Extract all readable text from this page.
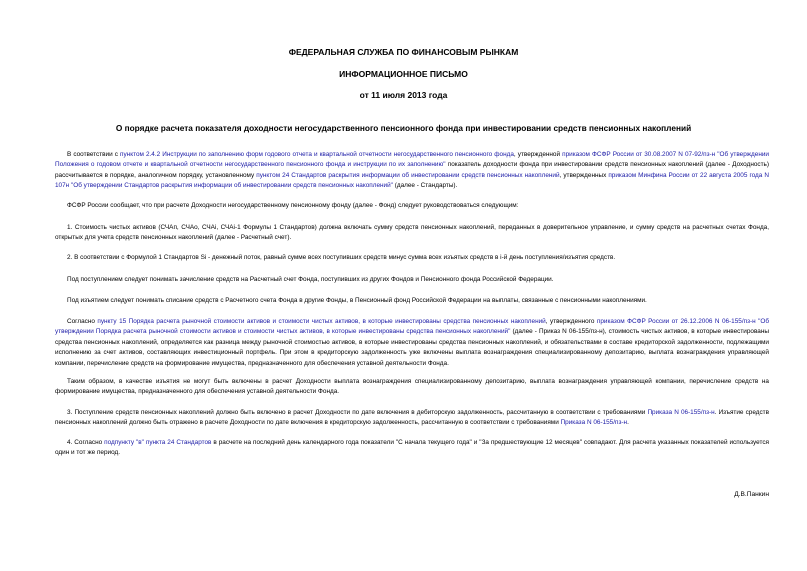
ФЕДЕРАЛЬНАЯ СЛУЖБА ПО ФИНАНСОВЫМ РЫНКАМ
ИНФОРМАЦИОННОЕ ПИСЬМО
от 11 июля 2013 года
О порядке расчета показателя доходности негосударственного пенсионного фонда при инвестировании средств пенсионных накоплений
В соответствии с пунктом 2.4.2 Инструкции по заполнению форм годового отчета и квартальной отчетности негосударственного пенсионного фонда, утвержденной приказом ФСФР России от 30.08.2007 N 07-92/пз-н "Об утверждении Положения о годовом отчете и квартальной отчетности негосударственного пенсионного фонда и инструкции по их заполнению" показатель доходности фонда при инвестировании средств пенсионных накоплений (далее - Доходность) рассчитывается в порядке, аналогичном порядку, установленному пунктом 24 Стандартов раскрытия информации об инвестировании средств пенсионных накоплений, утвержденных приказом Минфина России от 22 августа 2005 года N 107н "Об утверждении Стандартов раскрытия информации об инвестировании средств пенсионных накоплений" (далее - Стандарты).
ФСФР России сообщает, что при расчете Доходности негосударственному пенсионному фонду (далее - Фонд) следует руководствоваться следующим:
1. Стоимость чистых активов (СЧАп, СЧАо, СЧАi, СЧАi-1 Формулы 1 Стандартов) должна включать сумму средств пенсионных накоплений, переданных в доверительное управление, и сумму средств на расчетных счетах Фонда, открытых для учета средств пенсионных накоплений (далее - Расчетный счет).
2. В соответствии с Формулой 1 Стандартов Si - денежный поток, равный сумме всех поступивших средств минус сумма всех изъятых средств в i-й день поступления/изъятия средств.
Под поступлением следует понимать зачисление средств на Расчетный счет Фонда, поступивших из других Фондов и Пенсионного фонда Российской Федерации.
Под изъятием следует понимать списание средств с Расчетного счета Фонда в другие Фонды, в Пенсионный фонд Российской Федерации на выплаты, связанные с пенсионными накоплениями.
Согласно пункту 15 Порядка расчета рыночной стоимости активов и стоимости чистых активов, в которые инвестированы средства пенсионных накоплений, утвержденного приказом ФСФР России от 26.12.2006 N 06-155/пз-н "Об утверждении Порядка расчета рыночной стоимости активов и стоимости чистых активов, в которые инвестированы средства пенсионных накоплений" (далее - Приказ N 06-155/пз-н), стоимость чистых активов, в которые инвестированы средства пенсионных накоплений, определяется как разница между рыночной стоимостью активов, в которые инвестированы средства пенсионных накоплений, и обязательствами в составе кредиторской задолженности, подлежащими исполнению за счет активов, составляющих инвестиционный портфель. При этом в кредиторскую задолженность уже включены выплата вознаграждения специализированному депозитарию, выплата вознаграждения управляющей компании, перечисление средств на формирование имущества, предназначенного для обеспечения уставной деятельности Фонда.
Таким образом, в качестве изъятия не могут быть включены в расчет Доходности выплата вознаграждения специализированному депозитарию, выплата вознаграждения управляющей компании, перечисление средств на формирование имущества, предназначенного для обеспечения уставной деятельности Фонда.
3. Поступление средств пенсионных накоплений должно быть включено в расчет Доходности по дате включения в дебиторскую задолженность, рассчитанную в соответствии с требованиями Приказа N 06-155/пз-н. Изъятие средств пенсионных накоплений должно быть отражено в расчете Доходности по дате включения в кредиторскую задолженность, рассчитанную в соответствии с требованиями Приказа N 06-155/пз-н.
4. Согласно подпункту "в" пункта 24 Стандартов в расчете на последний день календарного года показатели "С начала текущего года" и "За предшествующие 12 месяцев" совпадают. Для расчета указанных показателей используется один и тот же период.
Д.В.Панкин
